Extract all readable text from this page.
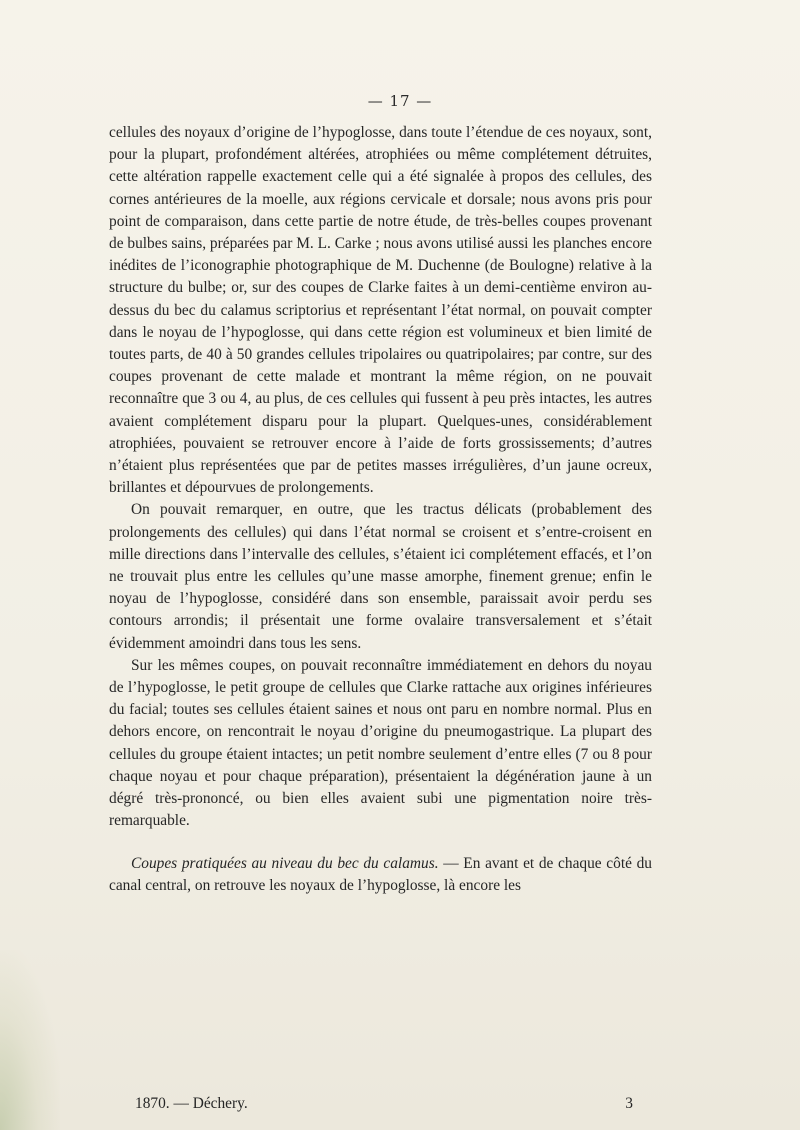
— 17 —

cellules des noyaux d’origine de l’hypoglosse, dans toute l’étendue de ces noyaux, sont, pour la plupart, profondément altérées, atrophiées ou même complétement détruites, cette altération rappelle exactement celle qui a été signalée à propos des cellules, des cornes antérieures de la moelle, aux régions cervicale et dorsale; nous avons pris pour point de comparaison, dans cette partie de notre étude, de très-belles coupes provenant de bulbes sains, préparées par M. L. Carke ; nous avons utilisé aussi les planches encore inédites de l’iconographie photographique de M. Duchenne (de Boulogne) relative à la structure du bulbe; or, sur des coupes de Clarke faites à un demi-centième environ au-dessus du bec du calamus scriptorius et représentant l’état normal, on pouvait compter dans le noyau de l’hypoglosse, qui dans cette région est volumineux et bien limité de toutes parts, de 40 à 50 grandes cellules tripolaires ou quatripolaires; par contre, sur des coupes provenant de cette malade et montrant la même région, on ne pouvait reconnaître que 3 ou 4, au plus, de ces cellules qui fussent à peu près intactes, les autres avaient complétement disparu pour la plupart. Quelques-unes, considérablement atrophiées, pouvaient se retrouver encore à l’aide de forts grossissements; d’autres n’étaient plus représentées que par de petites masses irrégulières, d’un jaune ocreux, brillantes et dépourvues de prolongements.

On pouvait remarquer, en outre, que les tractus délicats (probablement des prolongements des cellules) qui dans l’état normal se croisent et s’entre-croisent en mille directions dans l’intervalle des cellules, s’étaient ici complétement effacés, et l’on ne trouvait plus entre les cellules qu’une masse amorphe, finement grenue; enfin le noyau de l’hypoglosse, considéré dans son ensemble, paraissait avoir perdu ses contours arrondis; il présentait une forme ovalaire transversalement et s’était évidemment amoindri dans tous les sens.

Sur les mêmes coupes, on pouvait reconnaître immédiatement en dehors du noyau de l’hypoglosse, le petit groupe de cellules que Clarke rattache aux origines inférieures du facial; toutes ses cellules étaient saines et nous ont paru en nombre normal. Plus en dehors encore, on rencontrait le noyau d’origine du pneumogastrique. La plupart des cellules du groupe étaient intactes; un petit nombre seulement d’entre elles (7 ou 8 pour chaque noyau et pour chaque préparation), présentaient la dégénération jaune à un dégré très-prononcé, ou bien elles avaient subi une pigmentation noire très-remarquable.

Coupes pratiquées au niveau du bec du calamus. — En avant et de chaque côté du canal central, on retrouve les noyaux de l’hypoglosse, là encore les

1870. — Déchery.	3
